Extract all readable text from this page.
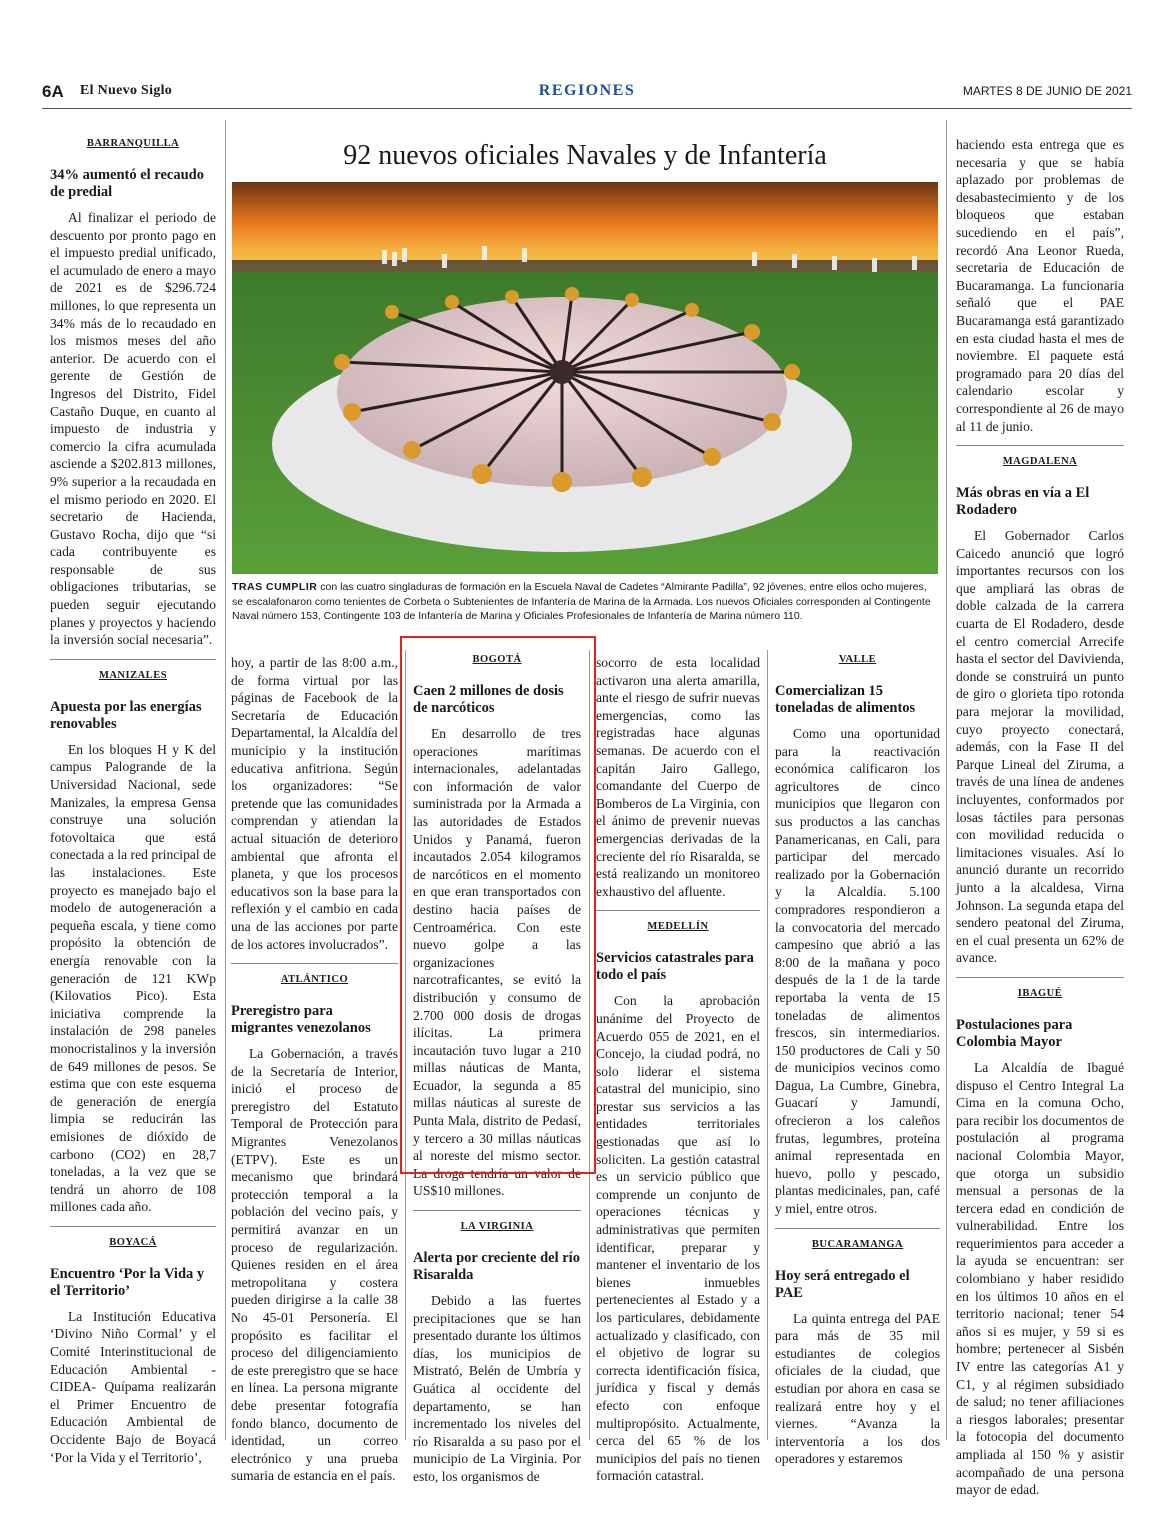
6A El Nuevo Siglo	REGIONES	MARTES 8 DE JUNIO DE 2021
BARRANQUILLA
34% aumentó el recaudo de predial

Al finalizar el periodo de descuento por pronto pago en el impuesto predial unificado, el acumulado de enero a mayo de 2021 es de $296.724 millones, lo que representa un 34% más de lo recaudado en los mismos meses del año anterior. De acuerdo con el gerente de Gestión de Ingresos del Distrito, Fidel Castaño Duque, en cuanto al impuesto de industria y comercio la cifra acumulada asciende a $202.813 millones, 9% superior a la recaudada en el mismo periodo en 2020. El secretario de Hacienda, Gustavo Rocha, dijo que “si cada contribuyente es responsable de sus obligaciones tributarias, se pueden seguir ejecutando planes y proyectos y haciendo la inversión social necesaria”.

MANIZALES
Apuesta por las energías renovables

En los bloques H y K del campus Palogrande de la Universidad Nacional, sede Manizales, la empresa Gensa construye una solución fotovoltaica que está conectada a la red principal de las instalaciones. Este proyecto es manejado bajo el modelo de autogeneración a pequeña escala, y tiene como propósito la obtención de energía renovable con la generación de 121 KWp (Kilovatios Pico). Esta iniciativa comprende la instalación de 298 paneles monocristalinos y la inversión de 649 millones de pesos. Se estima que con este esquema de generación de energía limpia se reducirán las emisiones de dióxido de carbono (CO2) en 28,7 toneladas, a la vez que se tendrá un ahorro de 108 millones cada año.

BOYACÁ
Encuentro ‘Por la Vida y el Territorio’

La Institución Educativa ‘Divino Niño Cormal’ y el Comité Interinstitucional de Educación Ambiental -CIDEA- Quípama realizarán el Primer Encuentro de Educación Ambiental de Occidente Bajo de Boyacá ‘Por la Vida y el Territorio’,

92 nuevos oficiales Navales y de Infantería
TRAS CUMPLIR con las cuatro singladuras de formación en la Escuela Naval de Cadetes “Almirante Padilla”, 92 jóvenes, entre ellos ocho mujeres, se escalafonaron como tenientes de Corbeta o Subtenientes de Infantería de Marina de la Armada. Los nuevos Oficiales corresponden al Contingente Naval número 153, Contingente 103 de Infantería de Marina y Oficiales Profesionales de Infantería de Marina número 110.

hoy, a partir de las 8:00 a.m., de forma virtual por las páginas de Facebook de la Secretaría de Educación Departamental, la Alcaldía del municipio y la institución educativa anfitriona. Según los organizadores: “Se pretende que las comunidades comprendan y atiendan la actual situación de deterioro ambiental que afronta el planeta, y que los procesos educativos son la base para la reflexión y el cambio en cada una de las acciones por parte de los actores involucrados”.

ATLÁNTICO
Preregistro para migrantes venezolanos

La Gobernación, a través de la Secretaría de Interior, inició el proceso de preregistro del Estatuto Temporal de Protección para Migrantes Venezolanos (ETPV). Este es un mecanismo que brindará protección temporal a la población del vecino país, y permitirá avanzar en un proceso de regularización. Quienes residen en el área metropolitana y costera pueden dirigirse a la calle 38 No 45-01 Personería. El propósito es facilitar el proceso del diligenciamiento de este preregistro que se hace en línea. La persona migrante debe presentar fotografía fondo blanco, documento de identidad, un correo electrónico y una prueba sumaria de estancia en el país.

BOGOTÁ
Caen 2 millones de dosis de narcóticos

En desarrollo de tres operaciones marítimas internacionales, adelantadas con información de valor suministrada por la Armada a las autoridades de Estados Unidos y Panamá, fueron incautados 2.054 kilogramos de narcóticos en el momento en que eran transportados con destino hacia países de Centroamérica. Con este nuevo golpe a las organizaciones narcotraficantes, se evitó la distribución y consumo de 2.700 000 dosis de drogas ilícitas. La primera incautación tuvo lugar a 210 millas náuticas de Manta, Ecuador, la segunda a 85 millas náuticas al sureste de Punta Mala, distrito de Pedasí, y tercero a 30 millas náuticas al noreste del mismo sector. La droga tendría un valor de US$10 millones.

LA VIRGINIA
Alerta por creciente del río Risaralda

Debido a las fuertes precipitaciones que se han presentado durante los últimos días, los municipios de Mistrató, Belén de Umbría y Guática al occidente del departamento, se han incrementado los niveles del río Risaralda a su paso por el municipio de La Virginia. Por esto, los organismos de

socorro de esta localidad activaron una alerta amarilla, ante el riesgo de sufrir nuevas emergencias, como las registradas hace algunas semanas. De acuerdo con el capitán Jairo Gallego, comandante del Cuerpo de Bomberos de La Virginia, con el ánimo de prevenir nuevas emergencias derivadas de la creciente del río Risaralda, se está realizando un monitoreo exhaustivo del afluente.

MEDELLÍN
Servicios catastrales para todo el país

Con la aprobación unánime del Proyecto de Acuerdo 055 de 2021, en el Concejo, la ciudad podrá, no solo liderar el sistema catastral del municipio, sino prestar sus servicios a las entidades territoriales gestionadas que así lo soliciten. La gestión catastral es un servicio público que comprende un conjunto de operaciones técnicas y administrativas que permiten identificar, preparar y mantener el inventario de los bienes inmuebles pertenecientes al Estado y a los particulares, debidamente actualizado y clasificado, con el objetivo de lograr su correcta identificación física, jurídica y fiscal y demás efecto con enfoque multipropósito. Actualmente, cerca del 65 % de los municipios del país no tienen formación catastral.

VALLE
Comercializan 15 toneladas de alimentos

Como una oportunidad para la reactivación económica calificaron los agricultores de cinco municipios que llegaron con sus productos a las canchas Panamericanas, en Cali, para participar del mercado realizado por la Gobernación y la Alcaldía. 5.100 compradores respondieron a la convocatoria del mercado campesino que abrió a las 8:00 de la mañana y poco después de la 1 de la tarde reportaba la venta de 15 toneladas de alimentos frescos, sin intermediarios. 150 productores de Cali y 50 de municipios vecinos como Dagua, La Cumbre, Ginebra, Guacarí y Jamundí, ofrecieron a los caleños frutas, legumbres, proteína animal representada en huevo, pollo y pescado, plantas medicinales, pan, café y miel, entre otros.

BUCARAMANGA
Hoy será entregado el PAE

La quinta entrega del PAE para más de 35 mil estudiantes de colegios oficiales de la ciudad, que estudian por ahora en casa se realizará entre hoy y el viernes. “Avanza la interventoría a los dos operadores y estaremos

haciendo esta entrega que es necesaria y que se había aplazado por problemas de desabastecimiento y de los bloqueos que estaban sucediendo en el país”, recordó Ana Leonor Rueda, secretaria de Educación de Bucaramanga. La funcionaria señaló que el PAE Bucaramanga está garantizado en esta ciudad hasta el mes de noviembre. El paquete está programado para 20 días del calendario escolar y correspondiente al 26 de mayo al 11 de junio.

MAGDALENA
Más obras en vía a El Rodadero

El Gobernador Carlos Caicedo anunció que logró importantes recursos con los que ampliará las obras de doble calzada de la carrera cuarta de El Rodadero, desde el centro comercial Arrecife hasta el sector del Davivienda, donde se construirá un punto de giro o glorieta tipo rotonda para mejorar la movilidad, cuyo proyecto conectará, además, con la Fase II del Parque Lineal del Ziruma, a través de una línea de andenes incluyentes, conformados por losas táctiles para personas con movilidad reducida o limitaciones visuales. Así lo anunció durante un recorrido junto a la alcaldesa, Virna Johnson. La segunda etapa del sendero peatonal del Ziruma, en el cual presenta un 62% de avance.

IBAGUÉ
Postulaciones para Colombia Mayor

La Alcaldía de Ibagué dispuso el Centro Integral La Cima en la comuna Ocho, para recibir los documentos de postulación al programa nacional Colombia Mayor, que otorga un subsidio mensual a personas de la tercera edad en condición de vulnerabilidad. Entre los requerimientos para acceder a la ayuda se encuentran: ser colombiano y haber residido en los últimos 10 años en el territorio nacional; tener 54 años si es mujer, y 59 si es hombre; pertenecer al Sisbén IV entre las categorías A1 y C1, y al régimen subsidiado de salud; no tener afiliaciones a riesgos laborales; presentar la fotocopia del documento ampliada al 150 % y asistir acompañado de una persona mayor de edad.
